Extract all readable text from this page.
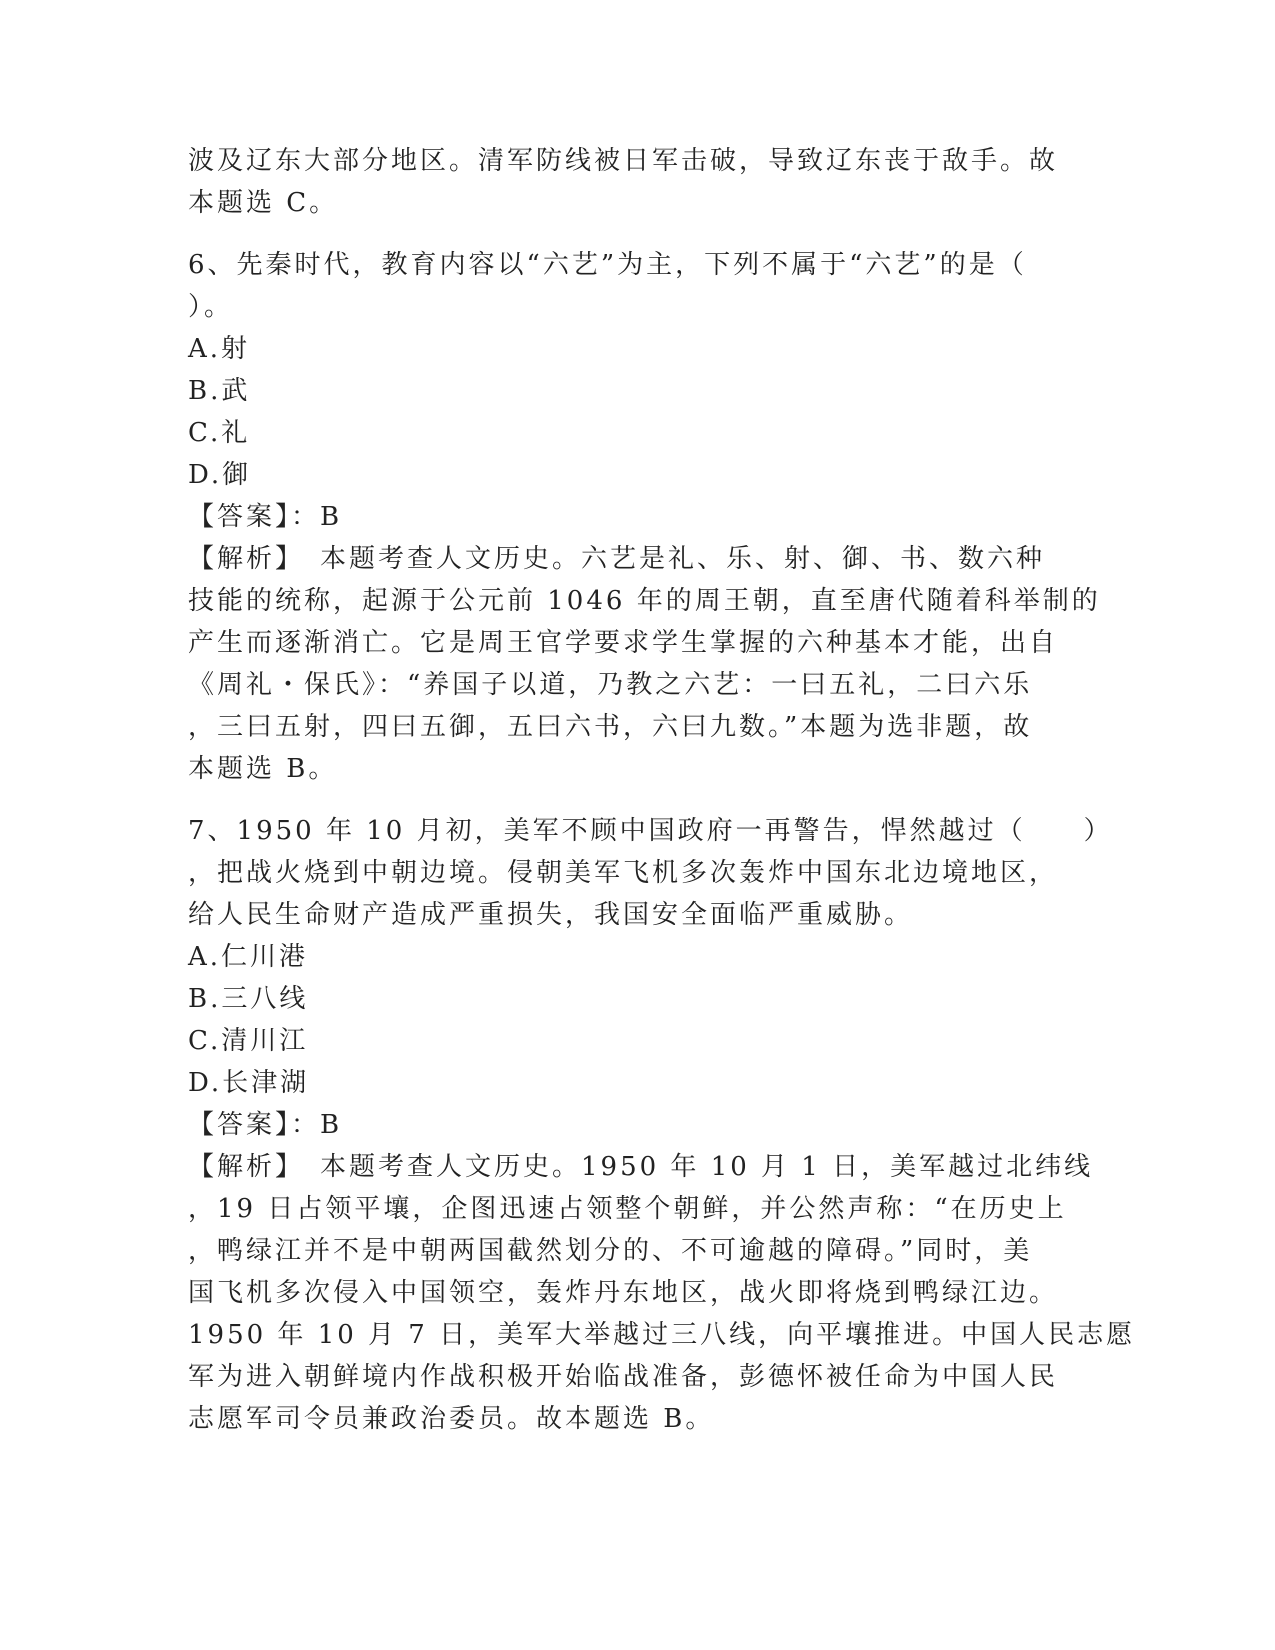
波及辽东大部分地区。清军防线被日军击破，导致辽东丧于敌手。故

本题选 C。

6、先秦时代，教育内容以“六艺”为主，下列不属于“六艺”的是（

）。

A.射

B.武

C.礼

D.御

【答案】：B

【解析】　本题考查人文历史。六艺是礼、乐、射、御、书、数六种

技能的统称，起源于公元前 1046 年的周王朝，直至唐代随着科举制的

产生而逐渐消亡。它是周王官学要求学生掌握的六种基本才能，出自

《周礼・保氏》：“养国子以道，乃教之六艺：一曰五礼，二曰六乐

，三曰五射，四曰五御，五曰六书，六曰九数。”本题为选非题，故

本题选 B。

7、1950 年 10 月初，美军不顾中国政府一再警告，悍然越过（　　）

，把战火烧到中朝边境。侵朝美军飞机多次轰炸中国东北边境地区，

给人民生命财产造成严重损失，我国安全面临严重威胁。

A.仁川港

B.三八线

C.清川江

D.长津湖

【答案】：B

【解析】　本题考查人文历史。1950 年 10 月 1 日，美军越过北纬线

，19 日占领平壤，企图迅速占领整个朝鲜，并公然声称：“在历史上

，鸭绿江并不是中朝两国截然划分的、不可逾越的障碍。”同时，美

国飞机多次侵入中国领空，轰炸丹东地区，战火即将烧到鸭绿江边。

1950 年 10 月 7 日，美军大举越过三八线，向平壤推进。中国人民志愿

军为进入朝鲜境内作战积极开始临战准备，彭德怀被任命为中国人民

志愿军司令员兼政治委员。故本题选 B。
